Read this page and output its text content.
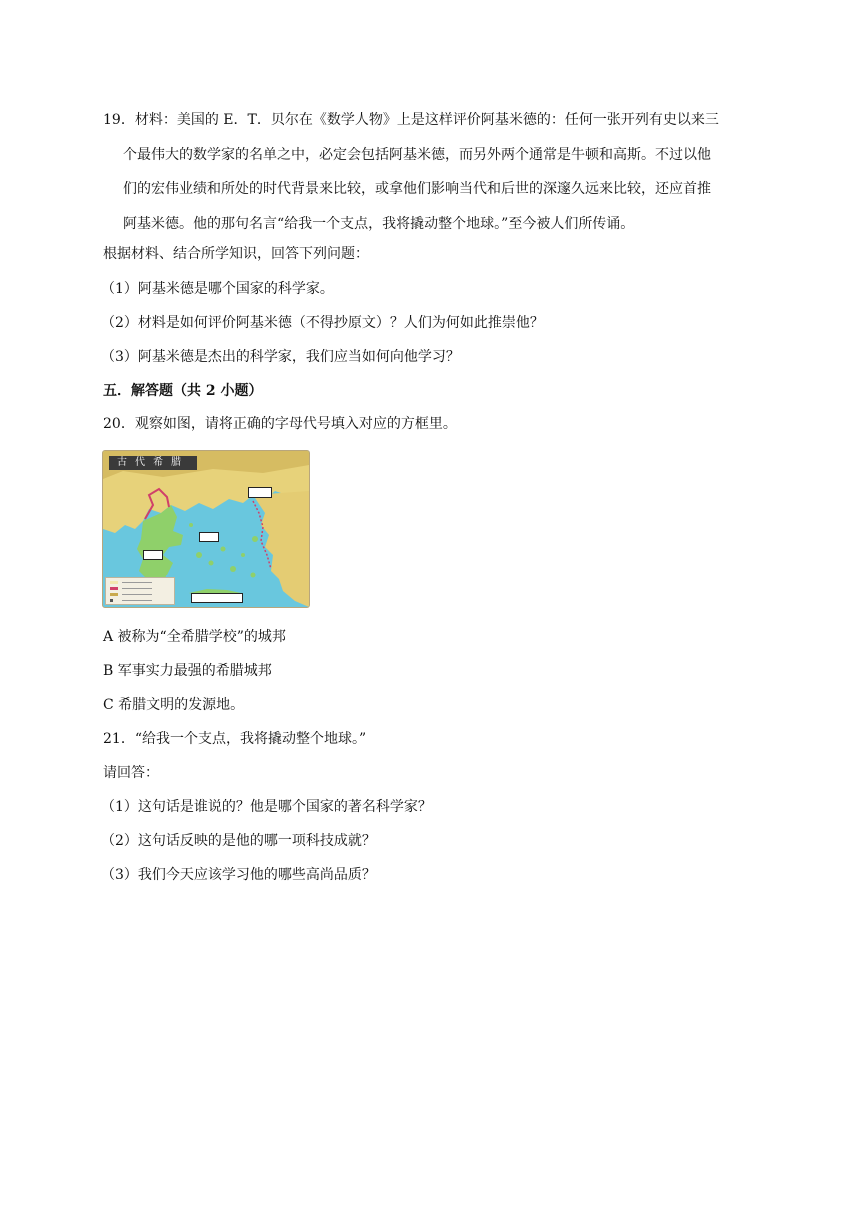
19．材料：美国的 E．T．贝尔在《数学人物》上是这样评价阿基米德的：任何一张开列有史以来三
个最伟大的数学家的名单之中，必定会包括阿基米德，而另外两个通常是牛顿和高斯。不过以他
们的宏伟业绩和所处的时代背景来比较，或拿他们影响当代和后世的深邃久远来比较，还应首推
阿基米德。他的那句名言“给我一个支点，我将撬动整个地球。”至今被人们所传诵。
根据材料、结合所学知识，回答下列问题：
（1）阿基米德是哪个国家的科学家。
（2）材料是如何评价阿基米德（不得抄原文）？人们为何如此推崇他？
（3）阿基米德是杰出的科学家，我们应当如何向他学习？
五．解答题（共 2 小题）
20．观察如图，请将正确的字母代号填入对应的方框里。
古代希腊
A 被称为“全希腊学校”的城邦
B 军事实力最强的希腊城邦
C 希腊文明的发源地。
21．“给我一个支点，我将撬动整个地球。”
请回答：
（1）这句话是谁说的？他是哪个国家的著名科学家？
（2）这句话反映的是他的哪一项科技成就？
（3）我们今天应该学习他的哪些高尚品质？
